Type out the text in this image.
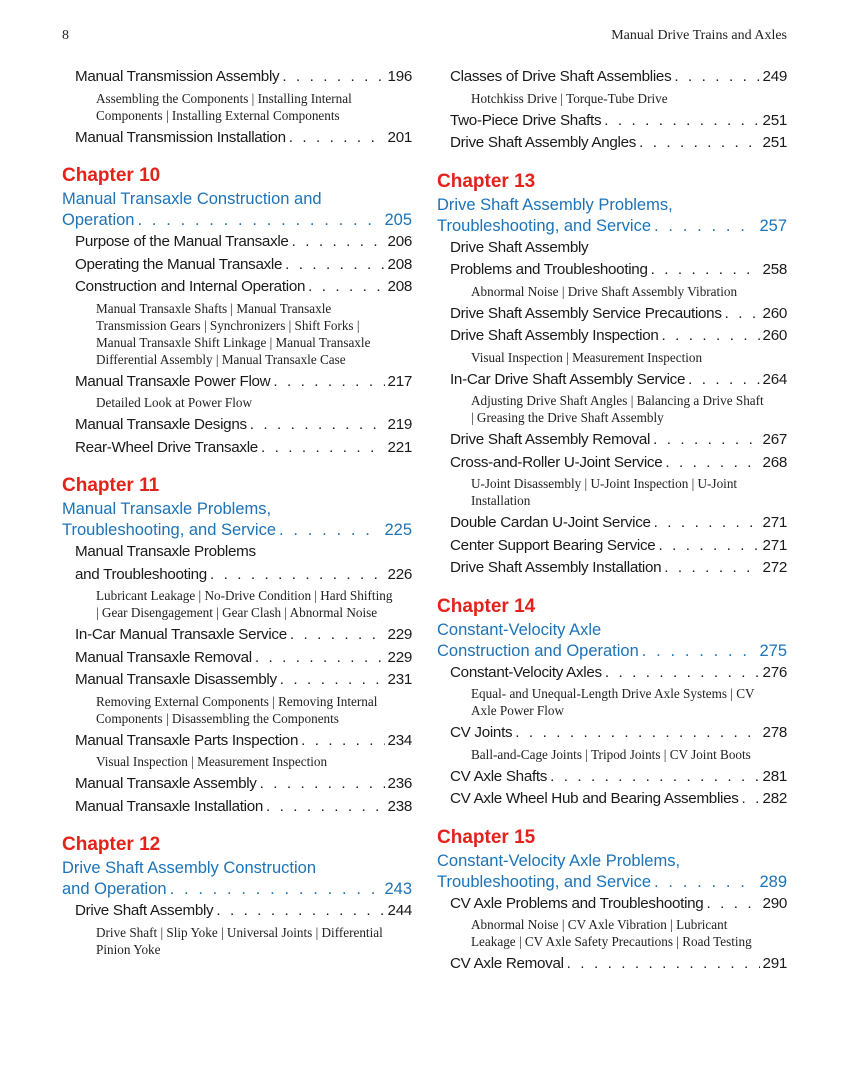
8	Manual Drive Trains and Axles
Manual Transmission Assembly . . .	196
Assembling the Components | Installing Internal Components | Installing External Components
Manual Transmission Installation . . .	201
Chapter 10
Manual Transaxle Construction and
Operation . . .	205
Purpose of the Manual Transaxle . . .	206
Operating the Manual Transaxle . . .	208
Construction and Internal Operation . . .	208
Manual Transaxle Shafts | Manual Transaxle Transmission Gears | Synchronizers | Shift Forks | Manual Transaxle Shift Linkage | Manual Transaxle Differential Assembly | Manual Transaxle Case
Manual Transaxle Power Flow . . .	217
Detailed Look at Power Flow
Manual Transaxle Designs . . .	219
Rear-Wheel Drive Transaxle . . .	221
Chapter 11
Manual Transaxle Problems,
Troubleshooting, and Service . . .	225
Manual Transaxle Problems
and Troubleshooting . . .	226
Lubricant Leakage | No-Drive Condition | Hard Shifting | Gear Disengagement | Gear Clash | Abnormal Noise
In-Car Manual Transaxle Service . . .	229
Manual Transaxle Removal . . .	229
Manual Transaxle Disassembly . . .	231
Removing External Components | Removing Internal Components | Disassembling the Components
Manual Transaxle Parts Inspection . . .	234
Visual Inspection | Measurement Inspection
Manual Transaxle Assembly . . .	236
Manual Transaxle Installation . . .	238
Chapter 12
Drive Shaft Assembly Construction
and Operation . . .	243
Drive Shaft Assembly . . .	244
Drive Shaft | Slip Yoke | Universal Joints | Differential Pinion Yoke
Classes of Drive Shaft Assemblies . . .	249
Hotchkiss Drive | Torque-Tube Drive
Two-Piece Drive Shafts . . .	251
Drive Shaft Assembly Angles . . .	251
Chapter 13
Drive Shaft Assembly Problems,
Troubleshooting, and Service . . .	257
Drive Shaft Assembly
Problems and Troubleshooting . . .	258
Abnormal Noise | Drive Shaft Assembly Vibration
Drive Shaft Assembly Service Precautions . . .	260
Drive Shaft Assembly Inspection . . .	260
Visual Inspection | Measurement Inspection
In-Car Drive Shaft Assembly Service . . .	264
Adjusting Drive Shaft Angles | Balancing a Drive Shaft | Greasing the Drive Shaft Assembly
Drive Shaft Assembly Removal . . .	267
Cross-and-Roller U-Joint Service . . .	268
U-Joint Disassembly | U-Joint Inspection | U-Joint Installation
Double Cardan U-Joint Service . . .	271
Center Support Bearing Service . . .	271
Drive Shaft Assembly Installation . . .	272
Chapter 14
Constant-Velocity Axle
Construction and Operation . . .	275
Constant-Velocity Axles . . .	276
Equal- and Unequal-Length Drive Axle Systems | CV Axle Power Flow
CV Joints . . .	278
Ball-and-Cage Joints | Tripod Joints | CV Joint Boots
CV Axle Shafts . . .	281
CV Axle Wheel Hub and Bearing Assemblies . . . 282
Chapter 15
Constant-Velocity Axle Problems,
Troubleshooting, and Service . . .	289
CV Axle Problems and Troubleshooting . . .	290
Abnormal Noise | CV Axle Vibration | Lubricant Leakage | CV Axle Safety Precautions | Road Testing
CV Axle Removal . . .	291
